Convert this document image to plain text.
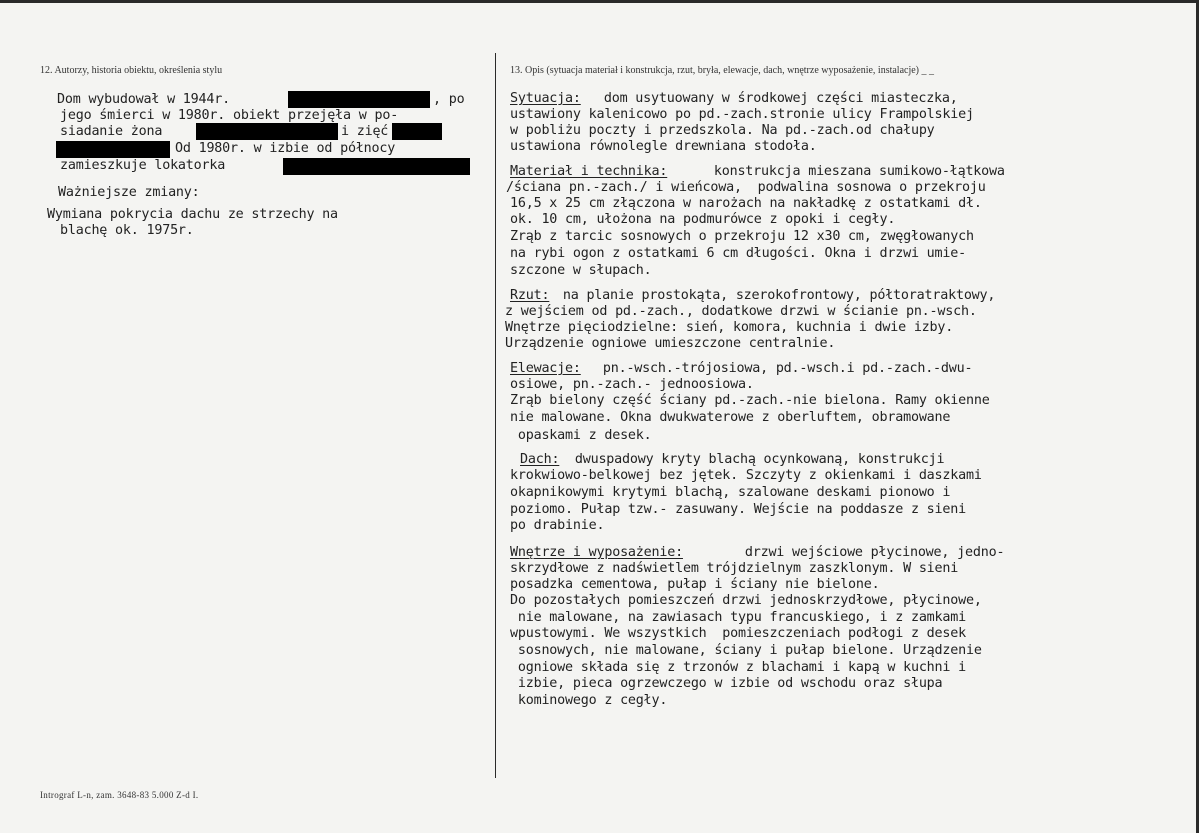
12. Autorzy, historia obiektu, określenia stylu	13. Opis (sytuacja materiał i konstrukcja, rzut, bryła, elewacje, dach, wnętrze wyposażenie, instalacje) _ _
Dom wybudował w 1944r.	, po
jego śmierci w 1980r. obiekt przejęła w po-
siadanie żona	i zięć
Od 1980r. w izbie od północy
zamieszkuje lokatorka
Ważniejsze zmiany:
Wymiana pokrycia dachu ze strzechy na
blachę ok. 1975r.
Sytuacja: dom usytuowany w środkowej części miasteczka,
ustawiony kalenicowo po pd.-zach.stronie ulicy Frampolskiej
w pobliżu poczty i przedszkola. Na pd.-zach.od chałupy
ustawiona równolegle drewniana stodoła.
Materiał i technika:	konstrukcja mieszana sumikowo-łątkowa
/ściana pn.-zach./ i wieńcowa,  podwalina sosnowa o przekroju
16,5 x 25 cm złączona w narożach na nakładkę z ostatkami dł.
ok. 10 cm, ułożona na podmurówce z opoki i cegły.
Zrąb z tarcic sosnowych o przekroju 12 x30 cm, zwęgłowanych
na rybi ogon z ostatkami 6 cm długości. Okna i drzwi umie-
szczone w słupach.
Rzut: na planie prostokąta, szerokofrontowy, półtoratraktowy,
z wejściem od pd.-zach., dodatkowe drzwi w ścianie pn.-wsch.
Wnętrze pięciodzielne: sień, komora, kuchnia i dwie izby.
Urządzenie ogniowe umieszczone centralnie.
Elewacje: pn.-wsch.-trójosiowa, pd.-wsch.i pd.-zach.-dwu-
osiowe, pn.-zach.- jednoosiowa.
Zrąb bielony część ściany pd.-zach.-nie bielona. Ramy okienne
nie malowane. Okna dwukwaterowe z oberluftem, obramowane
opaskami z desek.
Dach: dwuspadowy kryty blachą ocynkowaną, konstrukcji
krokwiowo-belkowej bez jętek. Szczyty z okienkami i daszkami
okapnikowymi krytymi blachą, szalowane deskami pionowo i
poziomo. Pułap tzw.- zasuwany. Wejście na poddasze z sieni
po drabinie.
Wnętrze i wyposażenie:	drzwi wejściowe płycinowe, jedno-
skrzydłowe z nadświetlem trójdzielnym zaszklonym. W sieni
posadzka cementowa, pułap i ściany nie bielone.
Do pozostałych pomieszczeń drzwi jednoskrzydłowe, płycinowe,
nie malowane, na zawiasach typu francuskiego, i z zamkami
wpustowymi. We wszystkich  pomieszczeniach podłogi z desek
sosnowych, nie malowane, ściany i pułap bielone. Urządzenie
ogniowe składa się z trzonów z blachami i kapą w kuchni i
izbie, pieca ogrzewczego w izbie od wschodu oraz słupa
kominowego z cegły.
Intrograf L-n, zam. 3648-83 5.000 Z-d I.
